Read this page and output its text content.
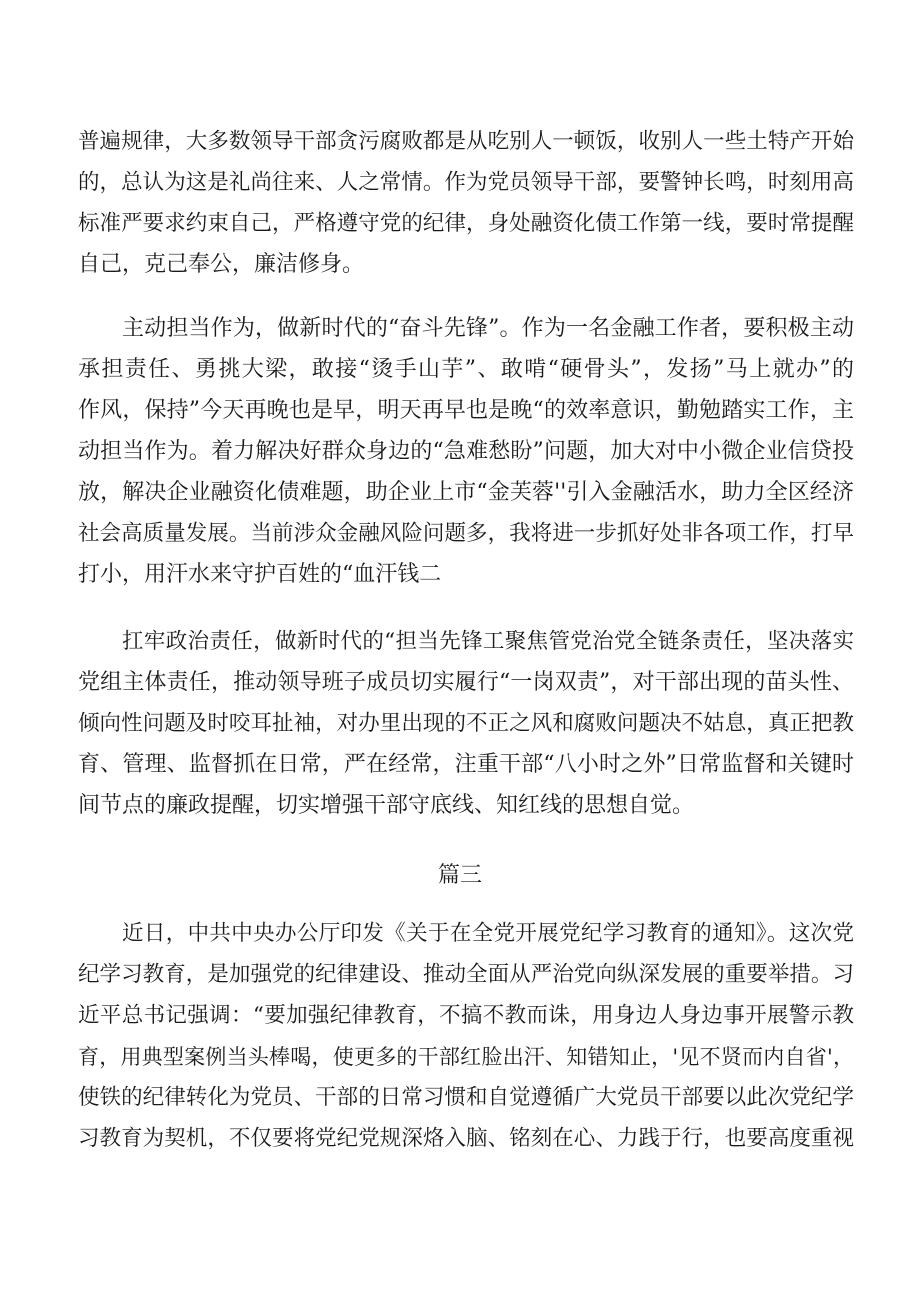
普遍规律，大多数领导干部贪污腐败都是从吃别人一顿饭，收别人一些土特产开始
的，总认为这是礼尚往来、人之常情。作为党员领导干部，要警钟长鸣，时刻用高
标准严要求约束自己，严格遵守党的纪律，身处融资化债工作第一线，要时常提醒
自己，克己奉公，廉洁修身。
主动担当作为，做新时代的“奋斗先锋”。作为一名金融工作者，要积极主动
承担责任、勇挑大梁，敢接“烫手山芋”、敢啃“硬骨头”，发扬”马上就办”的
作风，保持”今天再晚也是早，明天再早也是晚“的效率意识，勤勉踏实工作，主
动担当作为。着力解决好群众身边的“急难愁盼”问题，加大对中小微企业信贷投
放，解决企业融资化债难题，助企业上市“金芙蓉''引入金融活水，助力全区经济
社会高质量发展。当前涉众金融风险问题多，我将进一步抓好处非各项工作，打早
打小，用汗水来守护百姓的“血汗钱二
扛牢政治责任，做新时代的“担当先锋工聚焦管党治党全链条责任，坚决落实
党组主体责任，推动领导班子成员切实履行“一岗双责”，对干部出现的苗头性、
倾向性问题及时咬耳扯袖，对办里出现的不正之风和腐败问题决不姑息，真正把教
育、管理、监督抓在日常，严在经常，注重干部“八小时之外”日常监督和关键时
间节点的廉政提醒，切实增强干部守底线、知红线的思想自觉。
篇三
近日，中共中央办公厅印发《关于在全党开展党纪学习教育的通知》。这次党
纪学习教育，是加强党的纪律建设、推动全面从严治党向纵深发展的重要举措。习
近平总书记强调：“要加强纪律教育，不搞不教而诛，用身边人身边事开展警示教
育，用典型案例当头棒喝，使更多的干部红脸出汗、知错知止，'见不贤而内自省'，
使铁的纪律转化为党员、干部的日常习惯和自觉遵循广大党员干部要以此次党纪学
习教育为契机，不仅要将党纪党规深烙入脑、铭刻在心、力践于行，也要高度重视
